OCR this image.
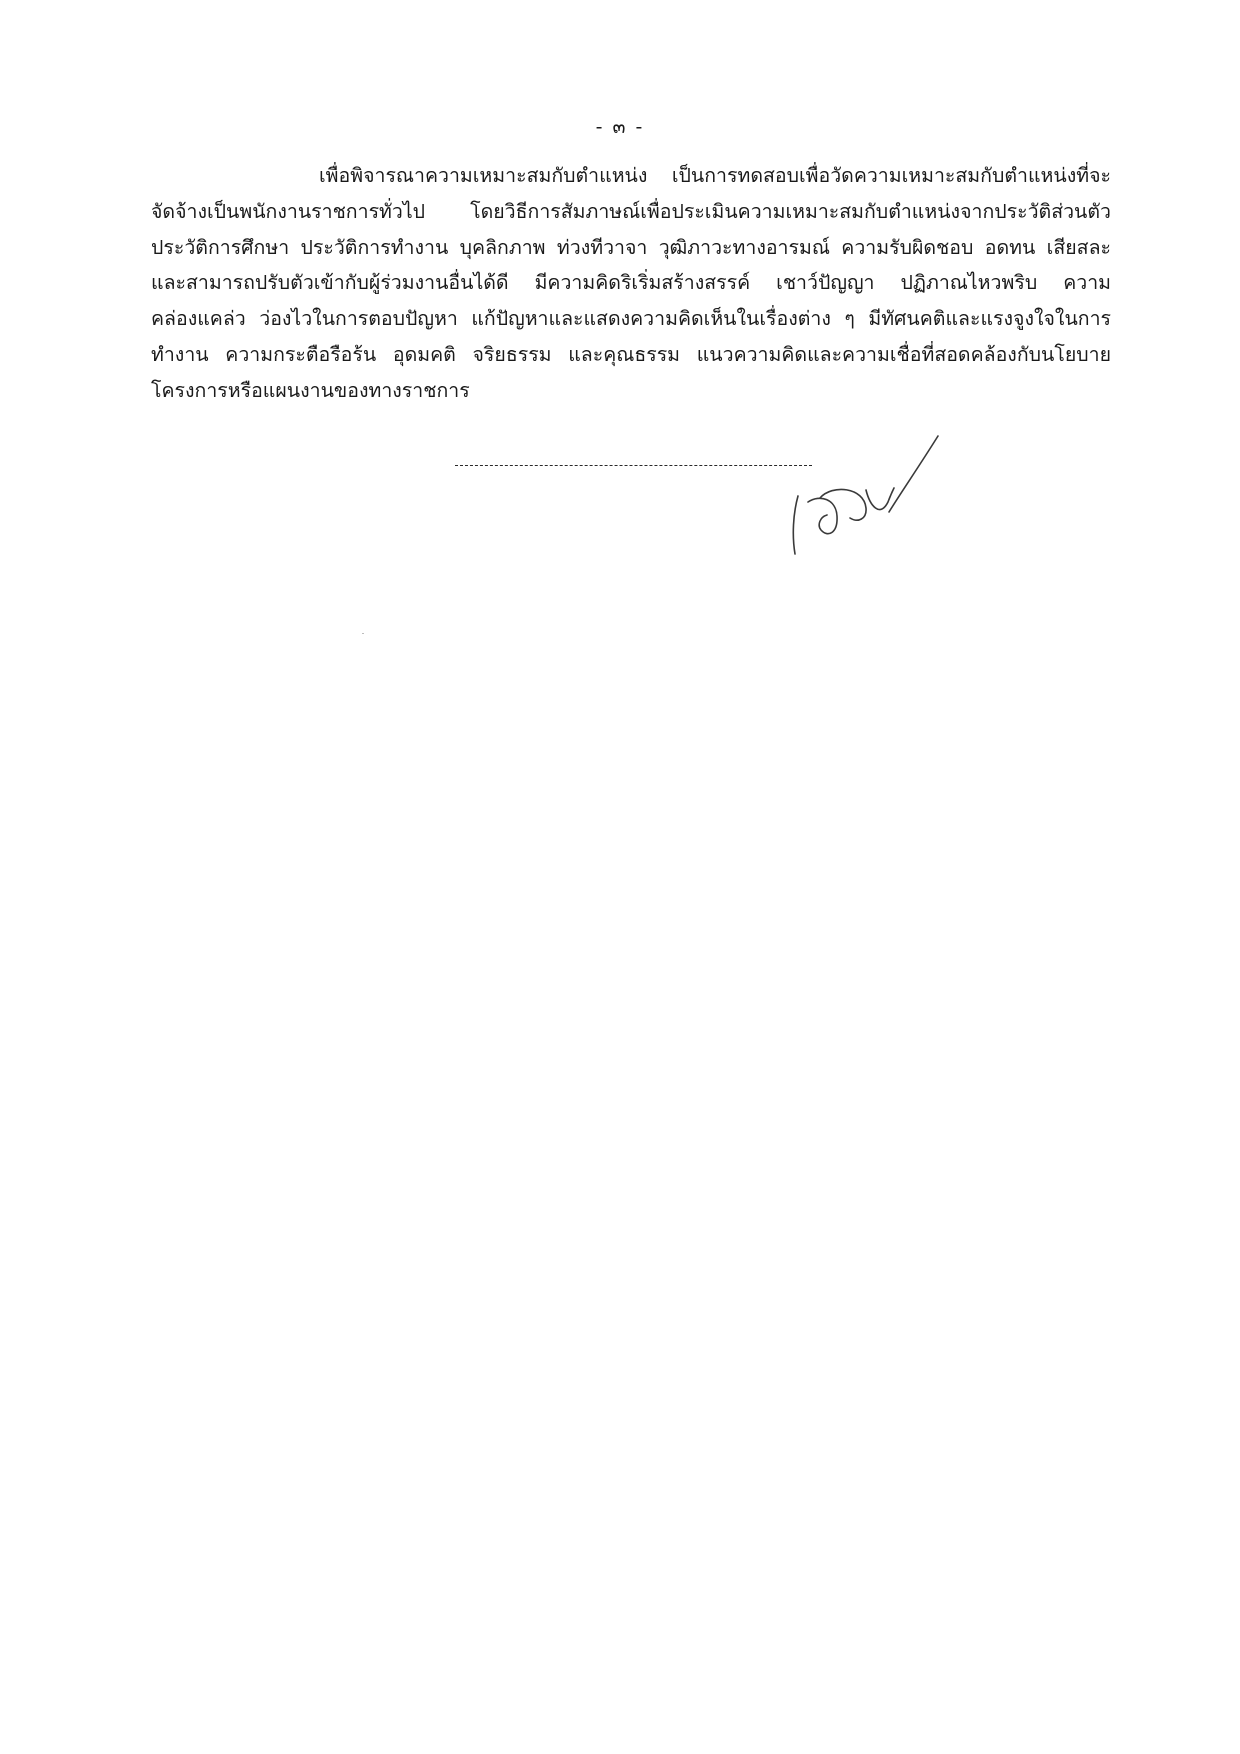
- ๓ -

เพื่อพิจารณาความเหมาะสมกับตำแหน่ง เป็นการทดสอบเพื่อวัดความเหมาะสมกับตำแหน่งที่จะจัดจ้างเป็นพนักงานราชการทั่วไป โดยวิธีการสัมภาษณ์เพื่อประเมินความเหมาะสมกับตำแหน่งจากประวัติส่วนตัว ประวัติการศึกษา ประวัติการทำงาน บุคลิกภาพ ท่วงทีวาจา วุฒิภาวะทางอารมณ์ ความรับผิดชอบ อดทน เสียสละ และสามารถปรับตัวเข้ากับผู้ร่วมงานอื่นได้ดี มีความคิดริเริ่มสร้างสรรค์ เชาว์ปัญญา ปฏิภาณไหวพริบ ความคล่องแคล่ว ว่องไวในการตอบปัญหา แก้ปัญหาและแสดงความคิดเห็นในเรื่องต่าง ๆ มีทัศนคติและแรงจูงใจในการทำงาน ความกระตือรือร้น อุดมคติ จริยธรรม และคุณธรรม แนวความคิดและความเชื่อที่สอดคล้องกับนโยบาย โครงการหรือแผนงานของทางราชการ
